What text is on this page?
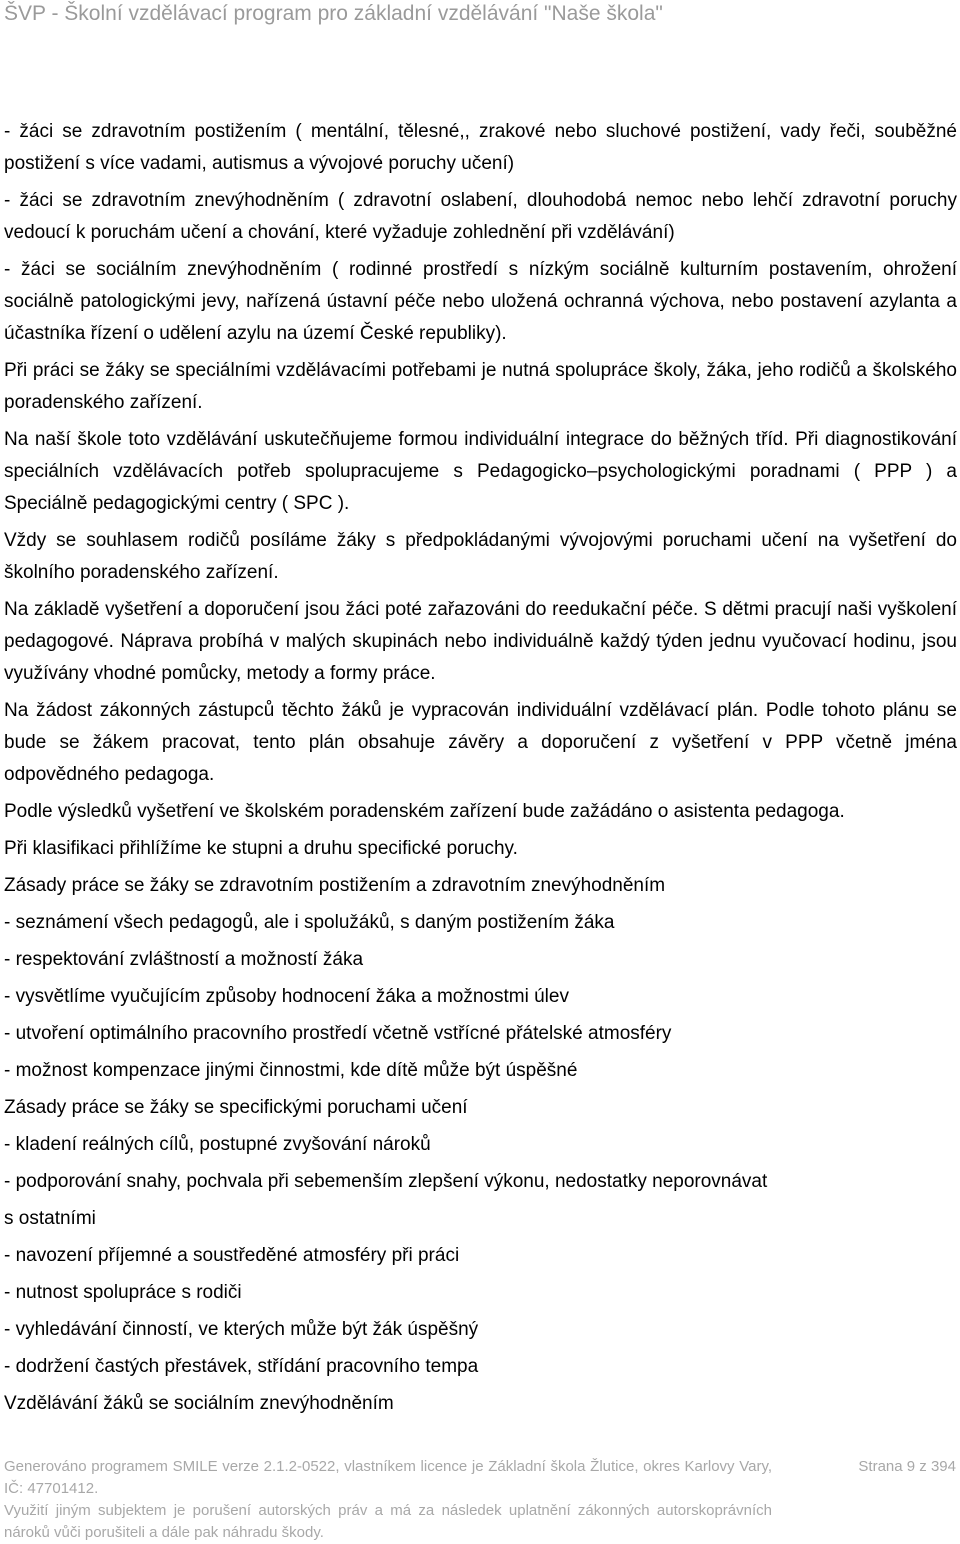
ŠVP - Školní vzdělávací program pro základní vzdělávání "Naše škola"

- žáci se zdravotním postižením ( mentální, tělesné,, zrakové nebo sluchové postižení, vady řeči, souběžné postižení s více vadami, autismus a vývojové poruchy učení)

- žáci se zdravotním znevýhodněním ( zdravotní oslabení, dlouhodobá nemoc nebo lehčí zdravotní poruchy vedoucí k poruchám učení a chování, které vyžaduje zohlednění při vzdělávání)

- žáci se sociálním znevýhodněním ( rodinné prostředí s nízkým sociálně kulturním postavením, ohrožení sociálně patologickými jevy, nařízená ústavní péče nebo uložená ochranná výchova, nebo postavení azylanta a účastníka řízení o udělení azylu na území České republiky).

Při práci se žáky se speciálními vzdělávacími potřebami je nutná spolupráce školy, žáka, jeho rodičů a školského poradenského zařízení.

Na naší škole toto vzdělávání uskutečňujeme formou individuální integrace do běžných tříd. Při diagnostikování speciálních vzdělávacích potřeb spolupracujeme s Pedagogicko–psychologickými poradnami ( PPP ) a Speciálně pedagogickými centry ( SPC ).

Vždy se souhlasem rodičů posíláme žáky s předpokládanými vývojovými poruchami učení na vyšetření do školního poradenského zařízení.

Na základě vyšetření a doporučení jsou žáci poté zařazováni do reedukační péče. S dětmi pracují naši vyškolení pedagogové. Náprava probíhá v malých skupinách nebo individuálně každý týden jednu vyučovací hodinu, jsou využívány vhodné pomůcky, metody a formy práce.

Na žádost zákonných zástupců těchto žáků je vypracován individuální vzdělávací plán. Podle tohoto plánu se bude se žákem pracovat, tento plán obsahuje závěry a doporučení z vyšetření v PPP včetně jména odpovědného pedagoga.

Podle výsledků vyšetření ve školském poradenském zařízení bude zažádáno o asistenta pedagoga.

Při klasifikaci přihlížíme ke stupni a druhu specifické poruchy.

Zásady práce se žáky se zdravotním postižením a zdravotním znevýhodněním

- seznámení všech pedagogů, ale i spolužáků, s daným postižením žáka

- respektování zvláštností a možností žáka

- vysvětlíme vyučujícím způsoby hodnocení žáka a možnostmi úlev

- utvoření optimálního pracovního prostředí včetně vstřícné přátelské atmosféry

- možnost kompenzace jinými činnostmi, kde dítě může být úspěšné

Zásady práce se žáky se specifickými poruchami učení

- kladení reálných cílů, postupné zvyšování nároků

- podporování snahy, pochvala při sebemenším zlepšení výkonu, nedostatky neporovnávat

s ostatními

- navození příjemné a soustředěné atmosféry při práci

- nutnost spolupráce s rodiči

- vyhledávání činností, ve kterých může být žák úspěšný

- dodržení častých přestávek, střídání pracovního tempa

Vzdělávání žáků se sociálním znevýhodněním

Generováno programem SMILE verze 2.1.2-0522, vlastníkem licence je Základní škola Žlutice, okres Karlovy Vary, IČ: 47701412.
Strana 9 z 394
Využití jiným subjektem je porušení autorských práv a má za následek uplatnění zákonných autorskoprávních nároků vůči porušiteli a dále pak náhradu škody.
